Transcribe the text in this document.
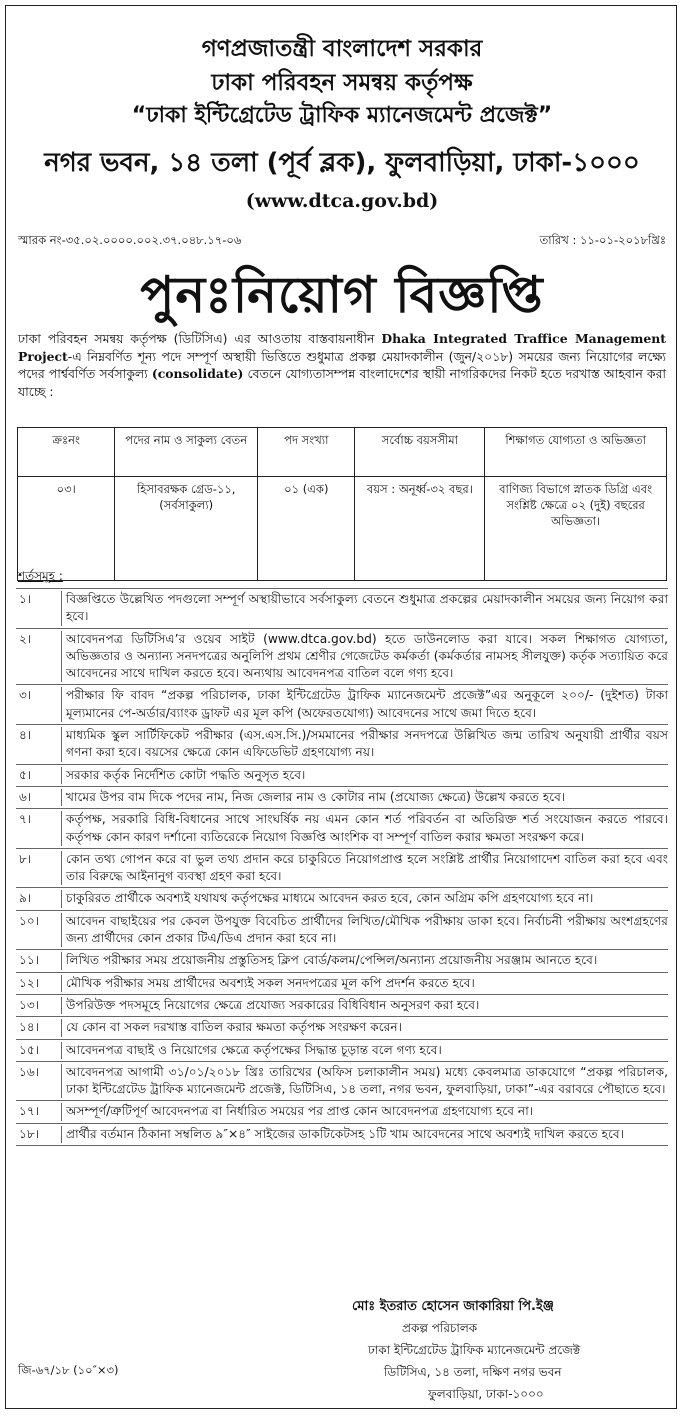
গণপ্রজাতন্ত্রী বাংলাদেশ সরকার
ঢাকা পরিবহন সমন্বয় কর্তৃপক্ষ
“ঢাকা ইন্টিগ্রেটেড ট্রাফিক ম্যানেজমেন্ট প্রজেক্ট”
নগর ভবন, ১৪ তলা (পূর্ব ব্লক), ফুলবাড়িয়া, ঢাকা-১০০০
(www.dtca.gov.bd)
স্মারক নং-৩৫.০২.০০০০.০০২.৩৭.০৪৮.১৭-০৬	তারিখ : ১১-০১-২০১৮খ্রিঃ
পুনঃনিয়োগ বিজ্ঞপ্তি
ঢাকা পরিবহন সমন্বয় কর্তৃপক্ষ (ডিটিসিএ) এর আওতায় বাস্তবায়নাধীন Dhaka Integrated Traffice Management Project-এ নিম্নবর্ণিত শূন্য পদে সম্পূর্ণ অস্থায়ী ভিত্তিতে শুধুমাত্র প্রকল্প মেয়াদকালীন (জুন/২০১৮) সময়ের জন্য নিয়োগের লক্ষ্যে পদের পার্শ্ববর্ণিত সর্বসাকুল্য (consolidate) বেতনে যোগ্যতাসম্পন্ন বাংলাদেশের স্থায়ী নাগরিকদের নিকট হতে দরখাস্ত আহবান করা যাচ্ছে :
ক্রঃনং	পদের নাম ও সাকুল্য বেতন	পদ সংখ্যা	সর্বোচ্চ বয়সসীমা	শিক্ষাগত যোগ্যতা ও অভিজ্ঞতা
০৩।	হিসাবরক্ষক গ্রেড-১১, (সর্বসাকুল্য)	০১ (এক)	বয়স : অনূর্ধ্ব-৩২ বছর।	বাণিজ্য বিভাগে স্নাতক ডিগ্রি এবং সংশ্লিষ্ট ক্ষেত্রে ০২ (দুই) বছরের অভিজ্ঞতা।
শর্তসমূহ :
১।	বিজ্ঞপ্তিতে উল্লেখিত পদগুলো সম্পূর্ণ অস্থায়ীভাবে সর্বসাকুল্য বেতনে শুধুমাত্র প্রকল্পের মেয়াদকালীন সময়ের জন্য নিয়োগ করা হবে।
২।	আবেদনপত্র ডিটিসিএ’র ওয়েব সাইট (www.dtca.gov.bd) হতে ডাউনলোড করা যাবে। সকল শিক্ষাগত যোগ্যতা, অভিজ্ঞতার ও অন্যান্য সনদপত্রের অনুলিপি প্রথম শ্রেণীর গেজেটেড কর্মকর্তা (কর্মকর্তার নামসহ সীলযুক্ত) কর্তৃক সত্যায়িত করে আবেদনের সাথে দাখিল করতে হবে। অন্যথায় আবেদনপত্র বাতিল বলে গণ্য হবে।
৩।	পরীক্ষার ফি বাবদ “প্রকল্প পরিচালক, ঢাকা ইন্টিগ্রেটেড ট্রাফিক ম্যানেজমেন্ট প্রজেক্ট”এর অনুকূলে ২০০/- (দুইশত) টাকা মূল্যমানের পে-অর্ডার/ব্যাংক ড্রাফট এর মূল কপি (অফেরতযোগ্য) আবেদনের সাথে জমা দিতে হবে।
৪।	মাধ্যমিক স্কুল সার্টিফিকেট পরীক্ষার (এস.এস.সি.)/সমমানের পরীক্ষার সনদপত্রে উল্লিখিত জন্ম তারিখ অনুযায়ী প্রার্থীর বয়স গণনা করা হবে। বয়সের ক্ষেত্রে কোন এফিডেভিট গ্রহণযোগ্য নয়।
৫।	সরকার কর্তৃক নির্দেশিত কোটা পদ্ধতি অনুসৃত হবে।
৬।	খামের উপর বাম দিকে পদের নাম, নিজ জেলার নাম ও কোটার নাম (প্রযোজ্য ক্ষেত্রে) উল্লেখ করতে হবে।
৭।	কর্তৃপক্ষ, সরকারি বিধি-বিধানের সাথে সাংঘর্ষিক নয় এমন কোন শর্ত পরিবর্তন বা অতিরিক্ত শর্ত সংযোজন করতে পারবে। কর্তৃপক্ষ কোন কারণ দর্শানো ব্যতিরেকে নিয়োগ বিজ্ঞপ্তি আংশিক বা সম্পূর্ণ বাতিল করার ক্ষমতা সংরক্ষণ করে।
৮।	কোন তথ্য গোপন করে বা ভুল তথ্য প্রদান করে চাকুরিতে নিয়োগপ্রাপ্ত হলে সংশ্লিষ্ট প্রার্থীর নিয়োগাদেশ বাতিল করা হবে এবং তার বিরুদ্ধে আইনানুগ ব্যবস্থা গ্রহণ করা হবে।
৯।	চাকুরিরত প্রার্থীকে অবশ্যই যথাযথ কর্তৃপক্ষের মাধ্যমে আবেদন করত হবে, কোন অগ্রিম কপি গ্রহণযোগ্য হবে না।
১০।	আবেদন বাছাইয়ের পর কেবল উপযুক্ত বিবেচিত প্রার্থীদের লিখিত/মৌখিক পরীক্ষায় ডাকা হবে। নির্বাচনী পরীক্ষায় অংশগ্রহণের জন্য প্রার্থীদের কোন প্রকার টিএ/ডিএ প্রদান করা হবে না।
১১।	লিখিত পরীক্ষার সময় প্রয়োজনীয় প্রস্তুতিসহ ক্লিপ বোর্ড/কলম/পেন্সিল/অন্যান্য প্রয়োজনীয় সরঞ্জাম আনতে হবে।
১২।	মৌখিক পরীক্ষার সময় প্রার্থীদের অবশ্যই সকল সনদপত্রের মূল কপি প্রদর্শন করতে হবে।
১৩।	উপরিউক্ত পদসমূহে নিয়োগের ক্ষেত্রে প্রযোজ্য সরকারের বিধিবিধান অনুসরণ করা হবে।
১৪।	যে কোন বা সকল দরখাস্ত বাতিল করার ক্ষমতা কর্তৃপক্ষ সংরক্ষণ করেন।
১৫।	আবেদনপত্র বাছাই ও নিয়োগের ক্ষেত্রে কর্তৃপক্ষের সিদ্ধান্ত চূড়ান্ত বলে গণ্য হবে।
১৬।	আবেদনপত্র আগামী ৩১/০১/২০১৮ খ্রিঃ তারিখের (অফিস চলাকালীন সময়) মধ্যে কেবলমাত্র ডাকযোগে “প্রকল্প পরিচালক, ঢাকা ইন্টিগ্রেটেড ট্রাফিক ম্যানেজমেন্ট প্রজেক্ট, ডিটিসিএ, ১৪ তলা, নগর ভবন, ফুলবাড়িয়া, ঢাকা”-এর বরাবরে পৌছাতে হবে।
১৭।	অসম্পূর্ণ/ত্রুটিপূর্ণ আবেদনপত্র বা নির্ধারিত সময়ের পর প্রাপ্ত কোন আবেদনপত্র গ্রহণযোগ্য হবে না।
১৮।	প্রার্থীর বর্তমান ঠিকানা সম্বলিত ৯″×৪″ সাইজের ডাকটিকেটসহ ১টি খাম আবেদনের সাথে অবশ্যই দাখিল করতে হবে।
মোঃ ইতরাত হোসেন জাকারিয়া পি.ইঞ্জ
প্রকল্প পরিচালক
ঢাকা ইন্টিগ্রেটেড ট্রাফিক ম্যানেজমেন্ট প্রজেক্ট
ডিটিসিএ, ১৪ তলা, দক্ষিণ নগর ভবন
ফুলবাড়িয়া, ঢাকা-১০০০
জি-৬৭/১৮ (১০″×৩)
